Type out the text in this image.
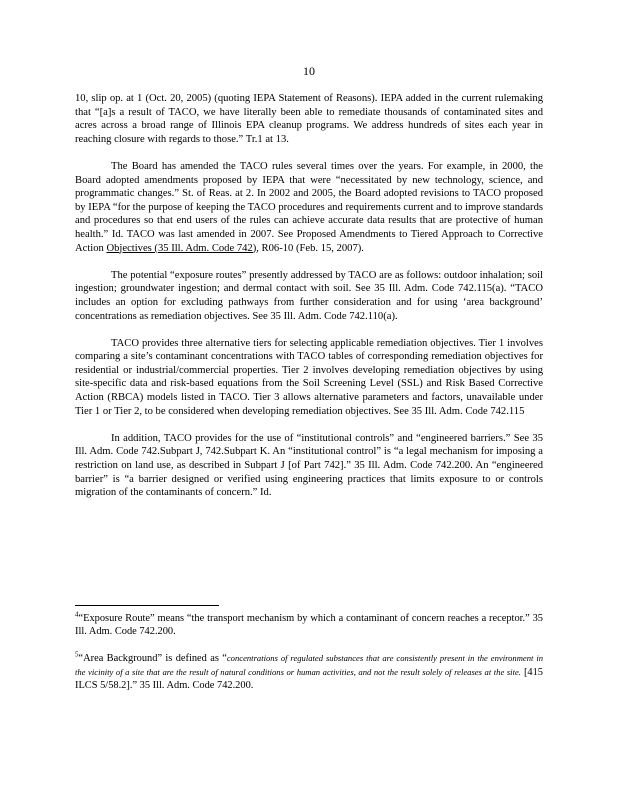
10

10, slip op. at 1 (Oct. 20, 2005) (quoting IEPA Statement of Reasons). IEPA added in the current rulemaking that “[a]s a result of TACO, we have literally been able to remediate thousands of contaminated sites and acres across a broad range of Illinois EPA cleanup programs. We address hundreds of sites each year in reaching closure with regards to those.” Tr.1 at 13.

The Board has amended the TACO rules several times over the years. For example, in 2000, the Board adopted amendments proposed by IEPA that were “necessitated by new technology, science, and programmatic changes.” St. of Reas. at 2. In 2002 and 2005, the Board adopted revisions to TACO proposed by IEPA “for the purpose of keeping the TACO procedures and requirements current and to improve standards and procedures so that end users of the rules can achieve accurate data results that are protective of human health.” Id. TACO was last amended in 2007. See Proposed Amendments to Tiered Approach to Corrective Action Objectives (35 Ill. Adm. Code 742), R06-10 (Feb. 15, 2007).

The potential “exposure routes” presently addressed by TACO are as follows: outdoor inhalation; soil ingestion; groundwater ingestion; and dermal contact with soil. See 35 Ill. Adm. Code 742.115(a). “TACO includes an option for excluding pathways from further consideration and for using ‘area background’ concentrations as remediation objectives. See 35 Ill. Adm. Code 742.110(a).

TACO provides three alternative tiers for selecting applicable remediation objectives. Tier 1 involves comparing a site’s contaminant concentrations with TACO tables of corresponding remediation objectives for residential or industrial/commercial properties. Tier 2 involves developing remediation objectives by using site-specific data and risk-based equations from the Soil Screening Level (SSL) and Risk Based Corrective Action (RBCA) models listed in TACO. Tier 3 allows alternative parameters and factors, unavailable under Tier 1 or Tier 2, to be considered when developing remediation objectives. See 35 Ill. Adm. Code 742.115

In addition, TACO provides for the use of “institutional controls” and “engineered barriers.” See 35 Ill. Adm. Code 742.Subpart J, 742.Subpart K. An “institutional control” is “a legal mechanism for imposing a restriction on land use, as described in Subpart J [of Part 742].” 35 Ill. Adm. Code 742.200. An “engineered barrier” is “a barrier designed or verified using engineering practices that limits exposure to or controls migration of the contaminants of concern.” Id.

$^4$“Exposure Route” means “the transport mechanism by which a contaminant of concern reaches a receptor.” 35 Ill. Adm. Code 742.200.

$^5$“Area Background” is defined as “concentrations of regulated substances that are consistently present in the environment in the vicinity of a site that are the result of natural conditions or human activities, and not the result solely of releases at the site. [415 ILCS 5/58.2].” 35 Ill. Adm. Code 742.200.
